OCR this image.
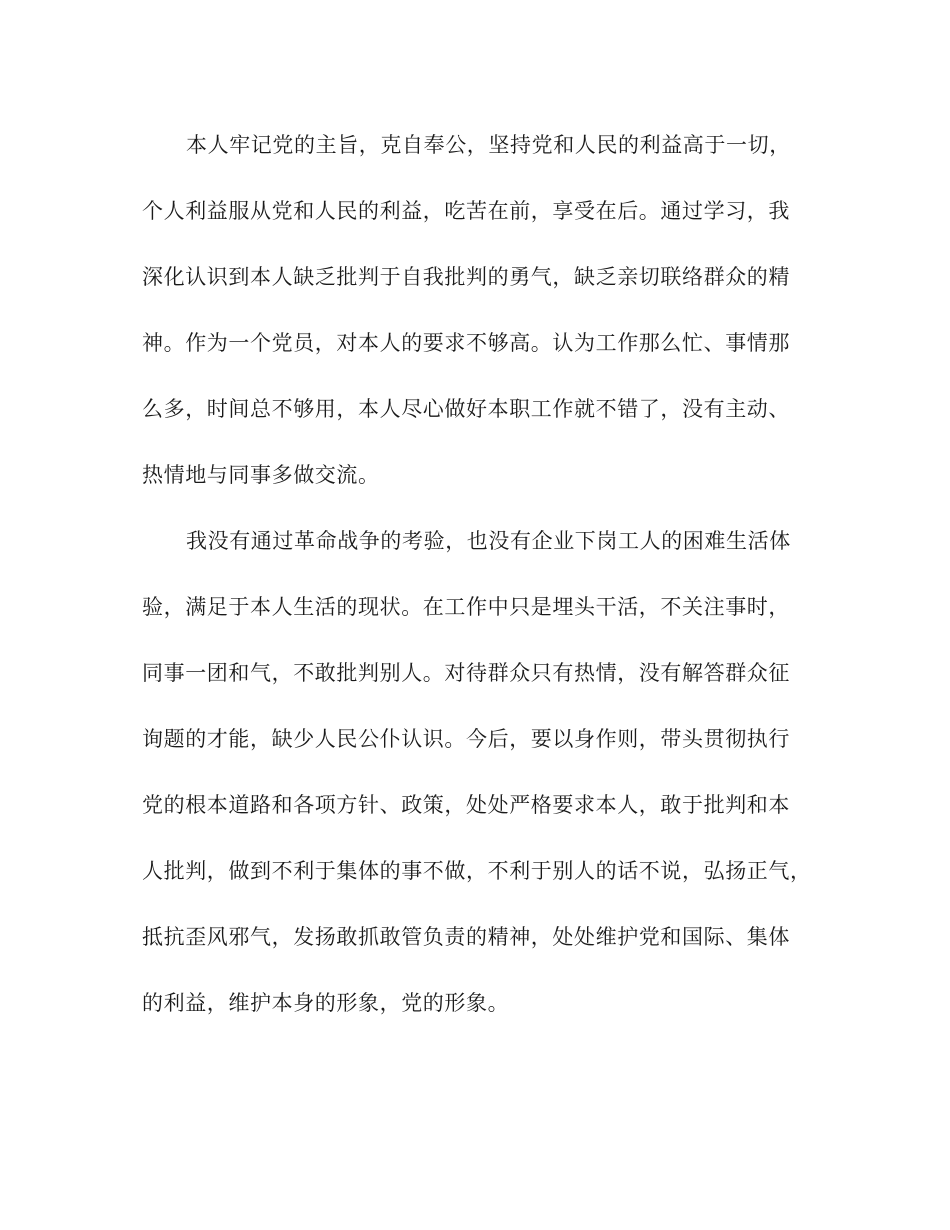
本人牢记党的主旨，克自奉公，坚持党和人民的利益高于一切，
个人利益服从党和人民的利益，吃苦在前，享受在后。通过学习，我
深化认识到本人缺乏批判于自我批判的勇气，缺乏亲切联络群众的精
神。作为一个党员，对本人的要求不够高。认为工作那么忙、事情那
么多，时间总不够用，本人尽心做好本职工作就不错了，没有主动、
热情地与同事多做交流。
我没有通过革命战争的考验，也没有企业下岗工人的困难生活体
验，满足于本人生活的现状。在工作中只是埋头干活，不关注事时，
同事一团和气，不敢批判别人。对待群众只有热情，没有解答群众征
询题的才能，缺少人民公仆认识。今后，要以身作则，带头贯彻执行
党的根本道路和各项方针、政策，处处严格要求本人，敢于批判和本
人批判，做到不利于集体的事不做，不利于别人的话不说，弘扬正气，
抵抗歪风邪气，发扬敢抓敢管负责的精神，处处维护党和国际、集体
的利益，维护本身的形象，党的形象。
